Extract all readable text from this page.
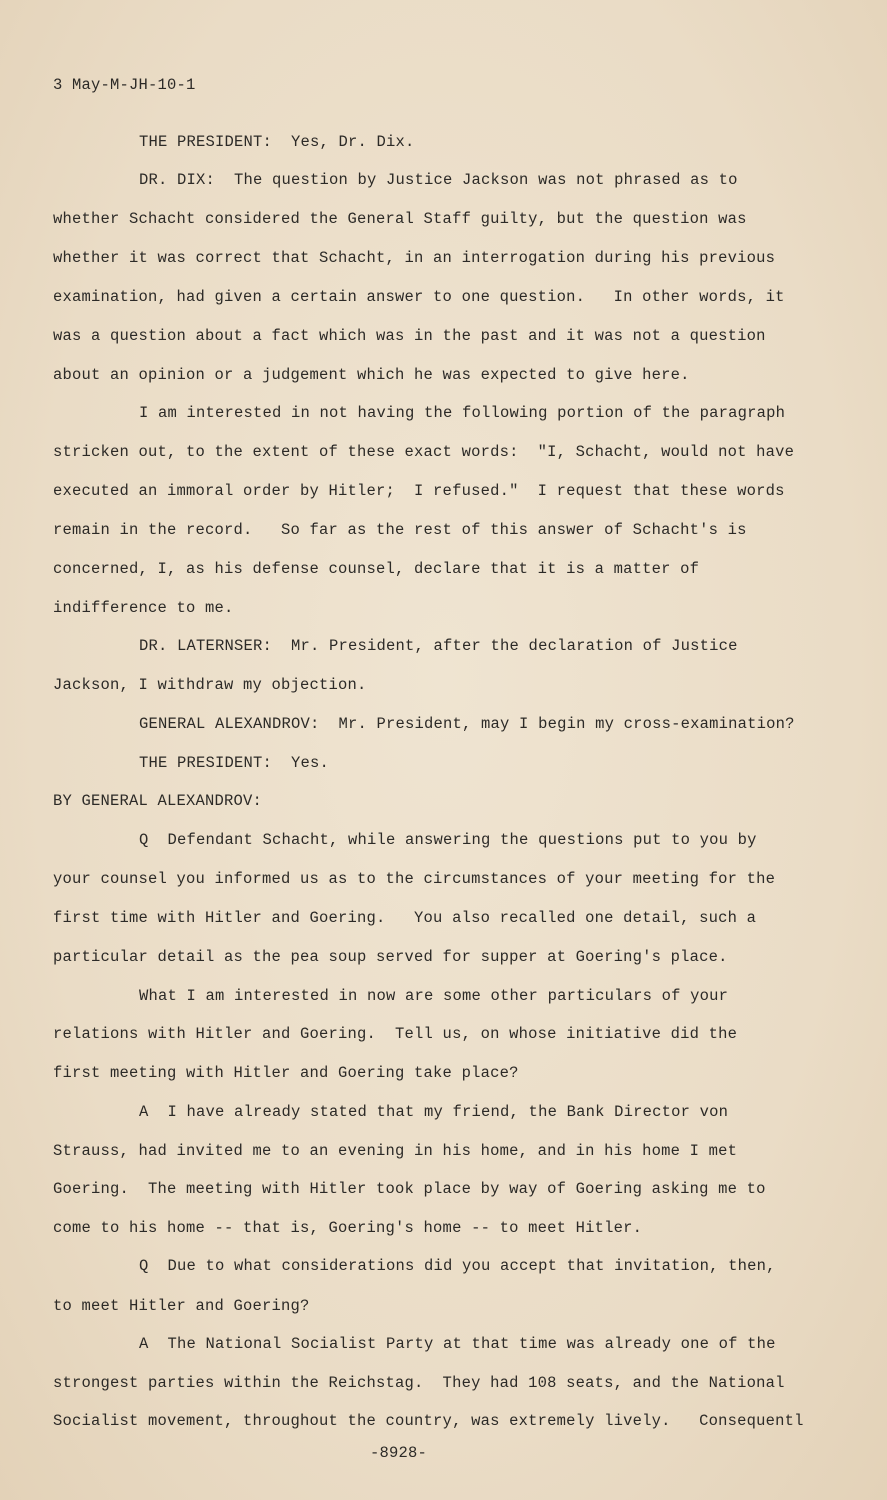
3 May-M-JH-10-1
THE PRESIDENT:  Yes, Dr. Dix.
DR. DIX:  The question by Justice Jackson was not phrased as to
whether Schacht considered the General Staff guilty, but the question was
whether it was correct that Schacht, in an interrogation during his previous
examination, had given a certain answer to one question.   In other words, it
was a question about a fact which was in the past and it was not a question
about an opinion or a judgement which he was expected to give here.
I am interested in not having the following portion of the paragraph
stricken out, to the extent of these exact words:  "I, Schacht, would not have
executed an immoral order by Hitler;  I refused."  I request that these words
remain in the record.   So far as the rest of this answer of Schacht's is
concerned, I, as his defense counsel, declare that it is a matter of
indifference to me.
DR. LATERNSER:  Mr. President, after the declaration of Justice
Jackson, I withdraw my objection.
GENERAL ALEXANDROV:  Mr. President, may I begin my cross-examination?
THE PRESIDENT:  Yes.
BY GENERAL ALEXANDROV:
Q  Defendant Schacht, while answering the questions put to you by
your counsel you informed us as to the circumstances of your meeting for the
first time with Hitler and Goering.   You also recalled one detail, such a
particular detail as the pea soup served for supper at Goering's place.
What I am interested in now are some other particulars of your
relations with Hitler and Goering.  Tell us, on whose initiative did the
first meeting with Hitler and Goering take place?
A  I have already stated that my friend, the Bank Director von
Strauss, had invited me to an evening in his home, and in his home I met
Goering.  The meeting with Hitler took place by way of Goering asking me to
come to his home -- that is, Goering's home -- to meet Hitler.
Q  Due to what considerations did you accept that invitation, then,
to meet Hitler and Goering?
A  The National Socialist Party at that time was already one of the
strongest parties within the Reichstag.  They had 108 seats, and the National
Socialist movement, throughout the country, was extremely lively.   Consequentl
-8928-
